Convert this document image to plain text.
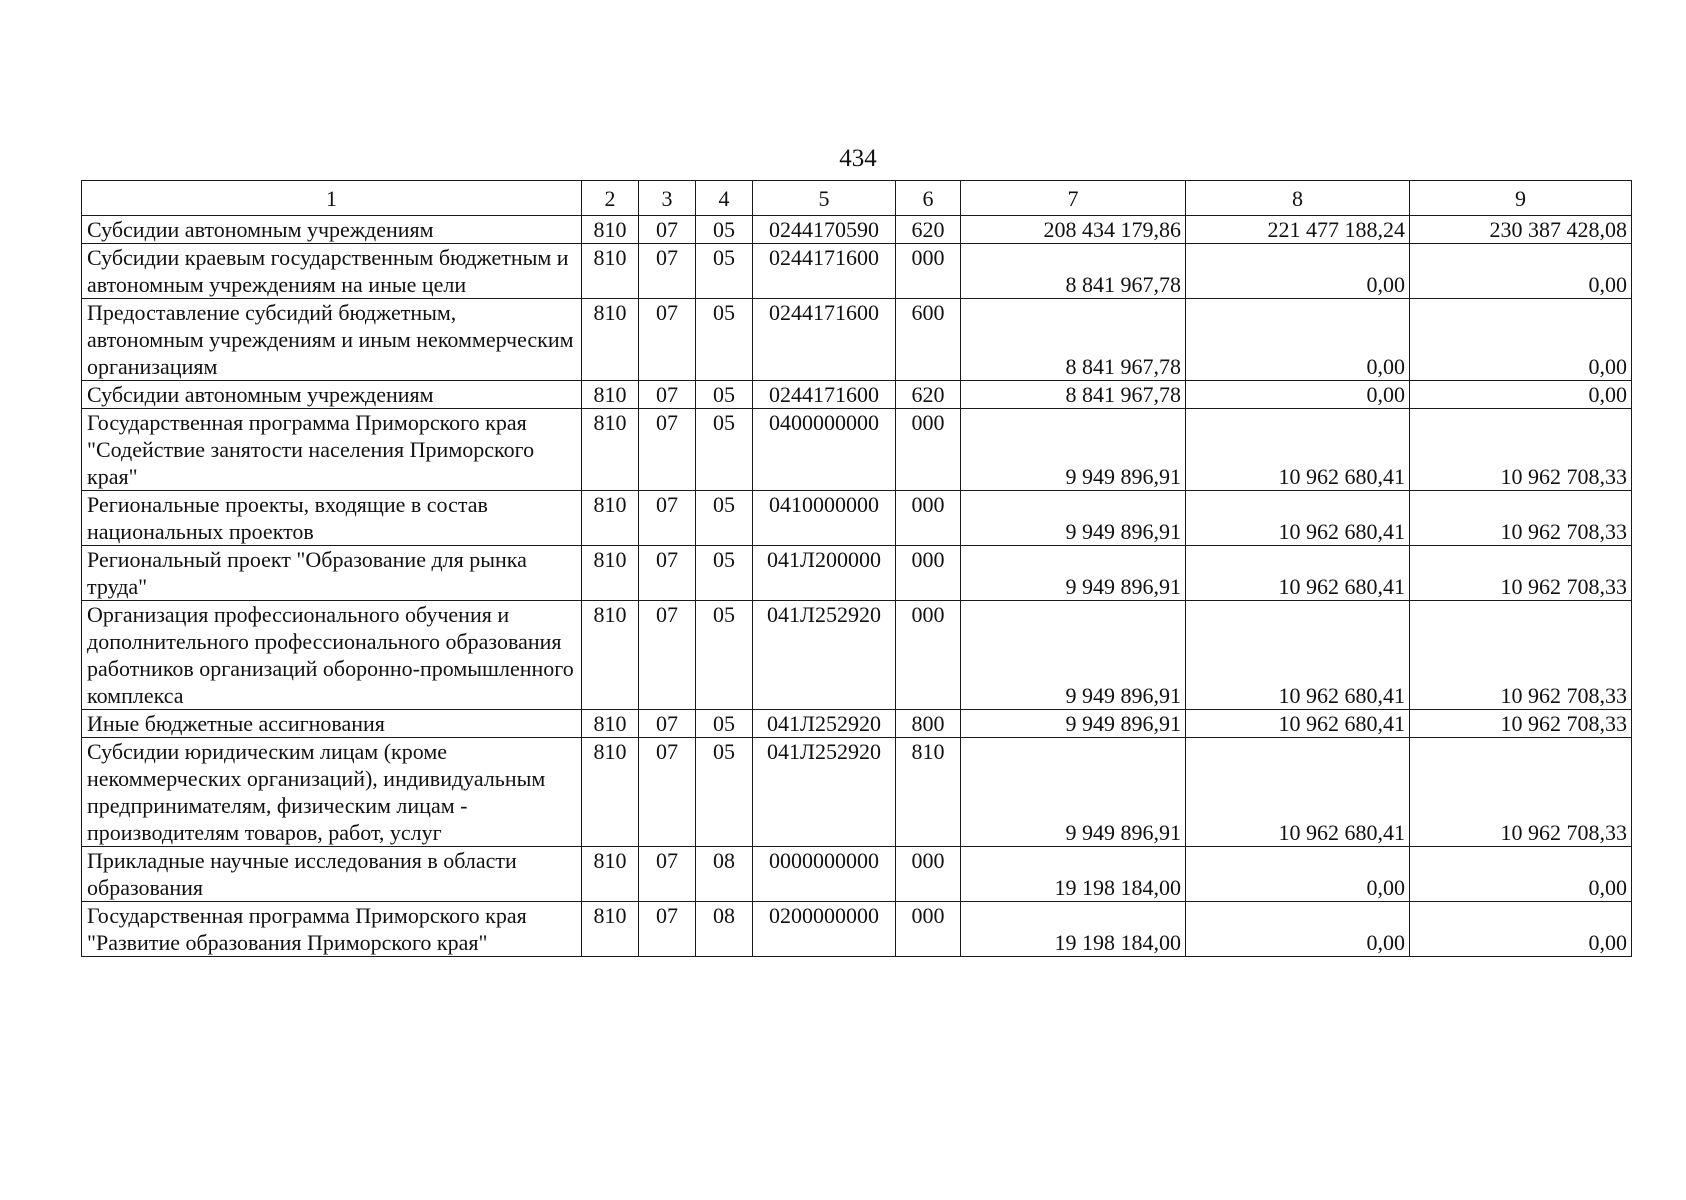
434
1	2	3	4	5	6	7	8	9
Субсидии автономным учреждениям	810	07	05	0244170590	620	208 434 179,86	221 477 188,24	230 387 428,08
Субсидии краевым государственным бюджетным и автономным учреждениям на иные цели	810	07	05	0244171600	000	8 841 967,78	0,00	0,00
Предоставление субсидий бюджетным, автономным учреждениям и иным некоммерческим организациям	810	07	05	0244171600	600	8 841 967,78	0,00	0,00
Субсидии автономным учреждениям	810	07	05	0244171600	620	8 841 967,78	0,00	0,00
Государственная программа Приморского края "Содействие занятости населения Приморского края"	810	07	05	0400000000	000	9 949 896,91	10 962 680,41	10 962 708,33
Региональные проекты, входящие в состав национальных проектов	810	07	05	0410000000	000	9 949 896,91	10 962 680,41	10 962 708,33
Региональный проект "Образование для рынка труда"	810	07	05	041Л200000	000	9 949 896,91	10 962 680,41	10 962 708,33
Организация профессионального обучения и дополнительного профессионального образования работников организаций оборонно-промышленного комплекса	810	07	05	041Л252920	000	9 949 896,91	10 962 680,41	10 962 708,33
Иные бюджетные ассигнования	810	07	05	041Л252920	800	9 949 896,91	10 962 680,41	10 962 708,33
Субсидии юридическим лицам (кроме некоммерческих организаций), индивидуальным предпринимателям, физическим лицам - производителям товаров, работ, услуг	810	07	05	041Л252920	810	9 949 896,91	10 962 680,41	10 962 708,33
Прикладные научные исследования в области образования	810	07	08	0000000000	000	19 198 184,00	0,00	0,00
Государственная программа Приморского края "Развитие образования Приморского края"	810	07	08	0200000000	000	19 198 184,00	0,00	0,00
